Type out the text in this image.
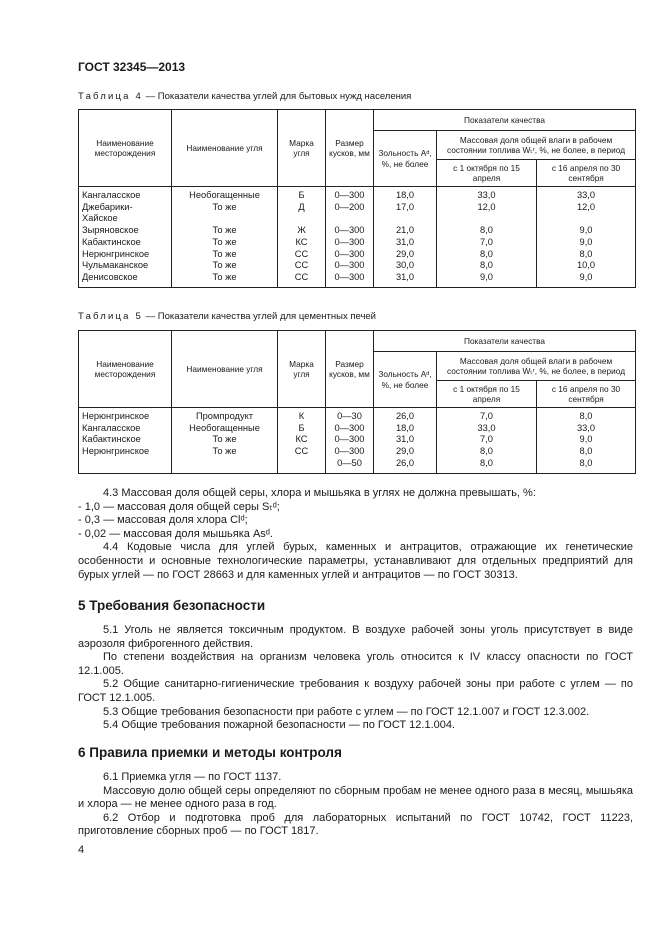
ГОСТ 32345—2013
Таблица 4 — Показатели качества углей для бытовых нужд населения
Наименование месторождения	Наименование угля	Марка угля	Размер кусков, мм	Показатели качества		
				Зольность Aᵈ, %, не более	Массовая доля общей влаги в рабочем состоянии топлива Wₜʳ, %, не более, в период	
					с 1 октября по 15 апреля	с 16 апреля по 30 сентября
Кангаласское	Необогащенные	Б	0—300	18,0	33,0	33,0
Джебарики-	То же	Д	0—200	17,0	12,0	12,0
Хайское						
Зыряновское	То же	Ж	0—300	21,0	8,0	9,0
Кабактинское	То же	КС	0—300	31,0	7,0	9,0
Нерюнгринское	То же	СС	0—300	29,0	8,0	8,0
Чульмаканское	То же	СС	0—300	30,0	8,0	10,0
Денисовское	То же	СС	0—300	31,0	9,0	9,0
Таблица 5 — Показатели качества углей для цементных печей
Наименование месторождения	Наименование угля	Марка угля	Размер кусков, мм	Показатели качества		
				Зольность Aᵈ, %, не более	Массовая доля общей влаги в рабочем состоянии топлива Wₜʳ, %, не более, в период	
					с 1 октября по 15 апреля	с 16 апреля по 30 сентября
Нерюнгринское	Промпродукт	К	0—30	26,0	7,0	8,0
Кангаласское	Необогащенные	Б	0—300	18,0	33,0	33,0
Кабактинское	То же	КС	0—300	31,0	7,0	9,0
Нерюнгринское	То же	СС	0—300	29,0	8,0	8,0
			0—50	26,0	8,0	8,0

4.3 Массовая доля общей серы, хлора и мышьяка в углях не должна превышать, %:

- 1,0 — массовая доля общей серы Sₜᵈ;

- 0,3 — массовая доля хлора Clᵈ;

- 0,02 — массовая доля мышьяка Asᵈ.

4.4 Кодовые числа для углей бурых, каменных и антрацитов, отражающие их генетические особенности и основные технологические параметры, устанавливают для отдельных предприятий для бурых углей — по ГОСТ 28663 и для каменных углей и антрацитов — по ГОСТ 30313.

5 Требования безопасности

5.1 Уголь не является токсичным продуктом. В воздухе рабочей зоны уголь присутствует в виде аэрозоля фиброгенного действия.

По степени воздействия на организм человека уголь относится к IV классу опасности по ГОСТ 12.1.005.

5.2 Общие санитарно-гигиенические требования к воздуху рабочей зоны при работе с углем — по ГОСТ 12.1.005.

5.3 Общие требования безопасности при работе с углем — по ГОСТ 12.1.007 и ГОСТ 12.3.002.

5.4 Общие требования пожарной безопасности — по ГОСТ 12.1.004.

6 Правила приемки и методы контроля

6.1 Приемка угля — по ГОСТ 1137.

Массовую долю общей серы определяют по сборным пробам не менее одного раза в месяц, мышьяка и хлора — не менее одного раза в год.

6.2 Отбор и подготовка проб для лабораторных испытаний по ГОСТ 10742, ГОСТ 11223, приготовление сборных проб — по ГОСТ 1817.

4
